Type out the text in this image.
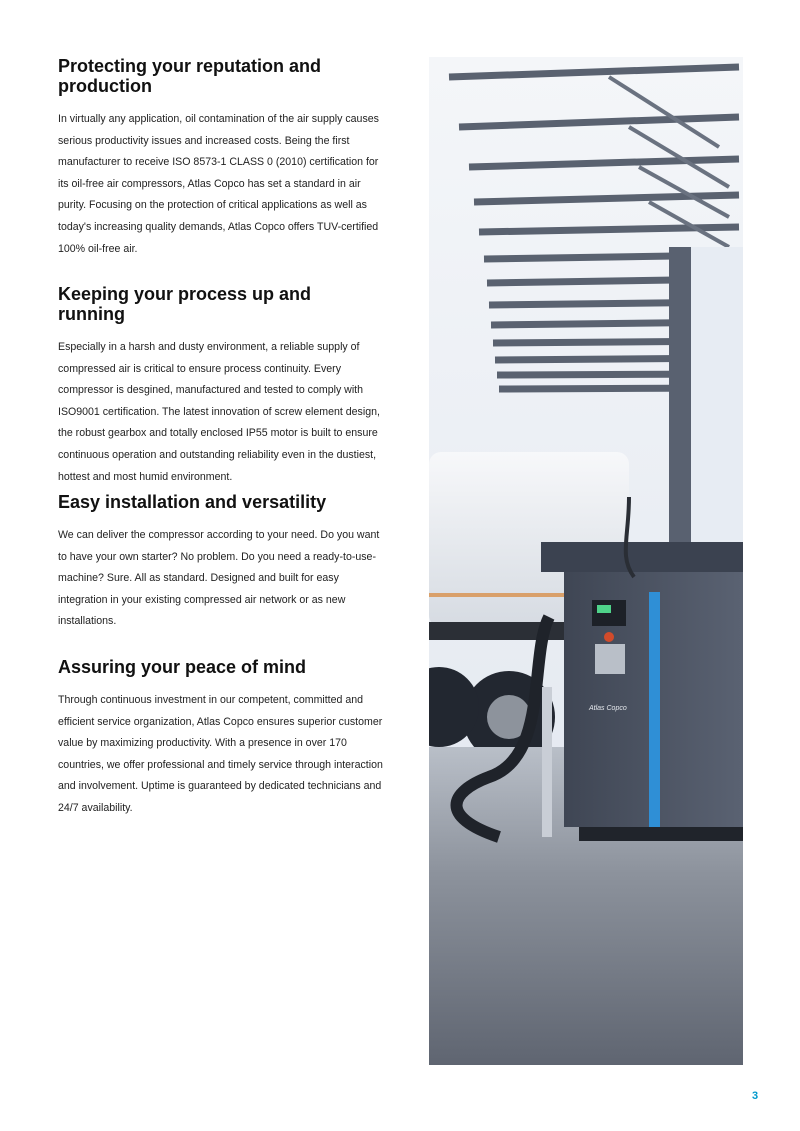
Protecting your reputation and production

In virtually any application, oil contamination of the air supply causes serious productivity issues and increased costs. Being the first manufacturer to receive ISO 8573-1 CLASS 0 (2010) certification for its oil-free air compressors, Atlas Copco has set a standard in air purity. Focusing on the protection of critical applications as well as today's increasing quality demands, Atlas Copco offers TUV-certified 100% oil-free air.

Keeping your process up and running

Especially in a harsh and dusty environment, a reliable supply of compressed air is critical to ensure process continuity. Every compressor is desgined, manufactured and tested to comply with ISO9001 certification. The latest innovation of screw element design, the robust gearbox and totally enclosed IP55 motor is built to ensure continuous operation and outstanding reliability even in the dustiest, hottest and most humid environment.

Easy installation and versatility

We can deliver the compressor according to your need. Do you want to have your own starter? No problem. Do you need a ready-to-use-machine? Sure. All as standard. Designed and built for easy integration in your existing compressed air network or as new installations.

Assuring your peace of mind

Through continuous investment in our competent, committed and efficient service organization, Atlas Copco ensures superior customer value by maximizing productivity. With a presence in over 170 countries, we offer professional and timely service through interaction and involvement. Uptime is guaranteed by dedicated technicians and 24/7 availability.

Atlas Copco
3
